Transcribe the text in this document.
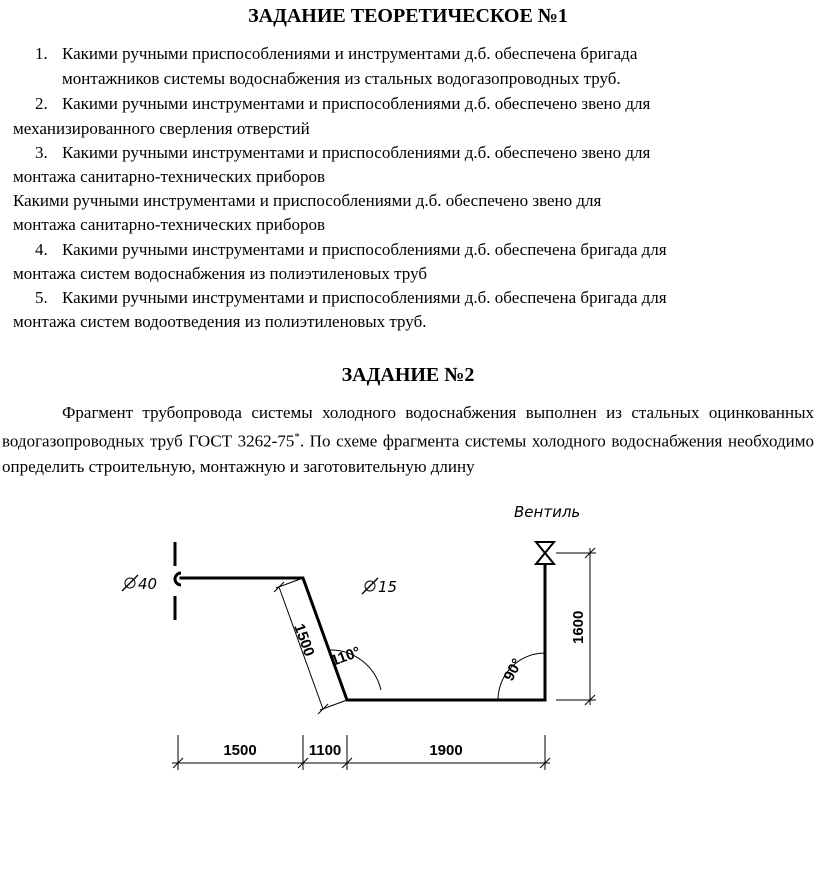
ЗАДАНИЕ ТЕОРЕТИЧЕСКОЕ №1
1. Какими ручными приспособлениями и инструментами д.б. обеспечена бригада
монтажников системы водоснабжения из стальных водогазопроводных труб.
2. Какими ручными инструментами и приспособлениями д.б. обеспечено звено для
механизированного сверления отверстий
3. Какими ручными инструментами и приспособлениями д.б. обеспечено звено для
монтажа санитарно-технических приборов
Какими ручными инструментами и приспособлениями д.б. обеспечено звено для
монтажа санитарно-технических приборов
4. Какими ручными инструментами и приспособлениями д.б. обеспечена бригада для
монтажа систем водоснабжения из полиэтиленовых труб
5. Какими ручными инструментами и приспособлениями д.б. обеспечена бригада для
монтажа систем водоотведения из полиэтиленовых труб.
ЗАДАНИЕ №2
Фрагмент трубопровода системы холодного водоснабжения выполнен из стальных оцинкованных водогазопроводных труб ГОСТ 3262-75*. По схеме фрагмента системы холодного водоснабжения необходимо определить строительную, монтажную и заготовительную длину
Вентиль
40	15
1500 110°	90°
1600
1500	1100	1900
